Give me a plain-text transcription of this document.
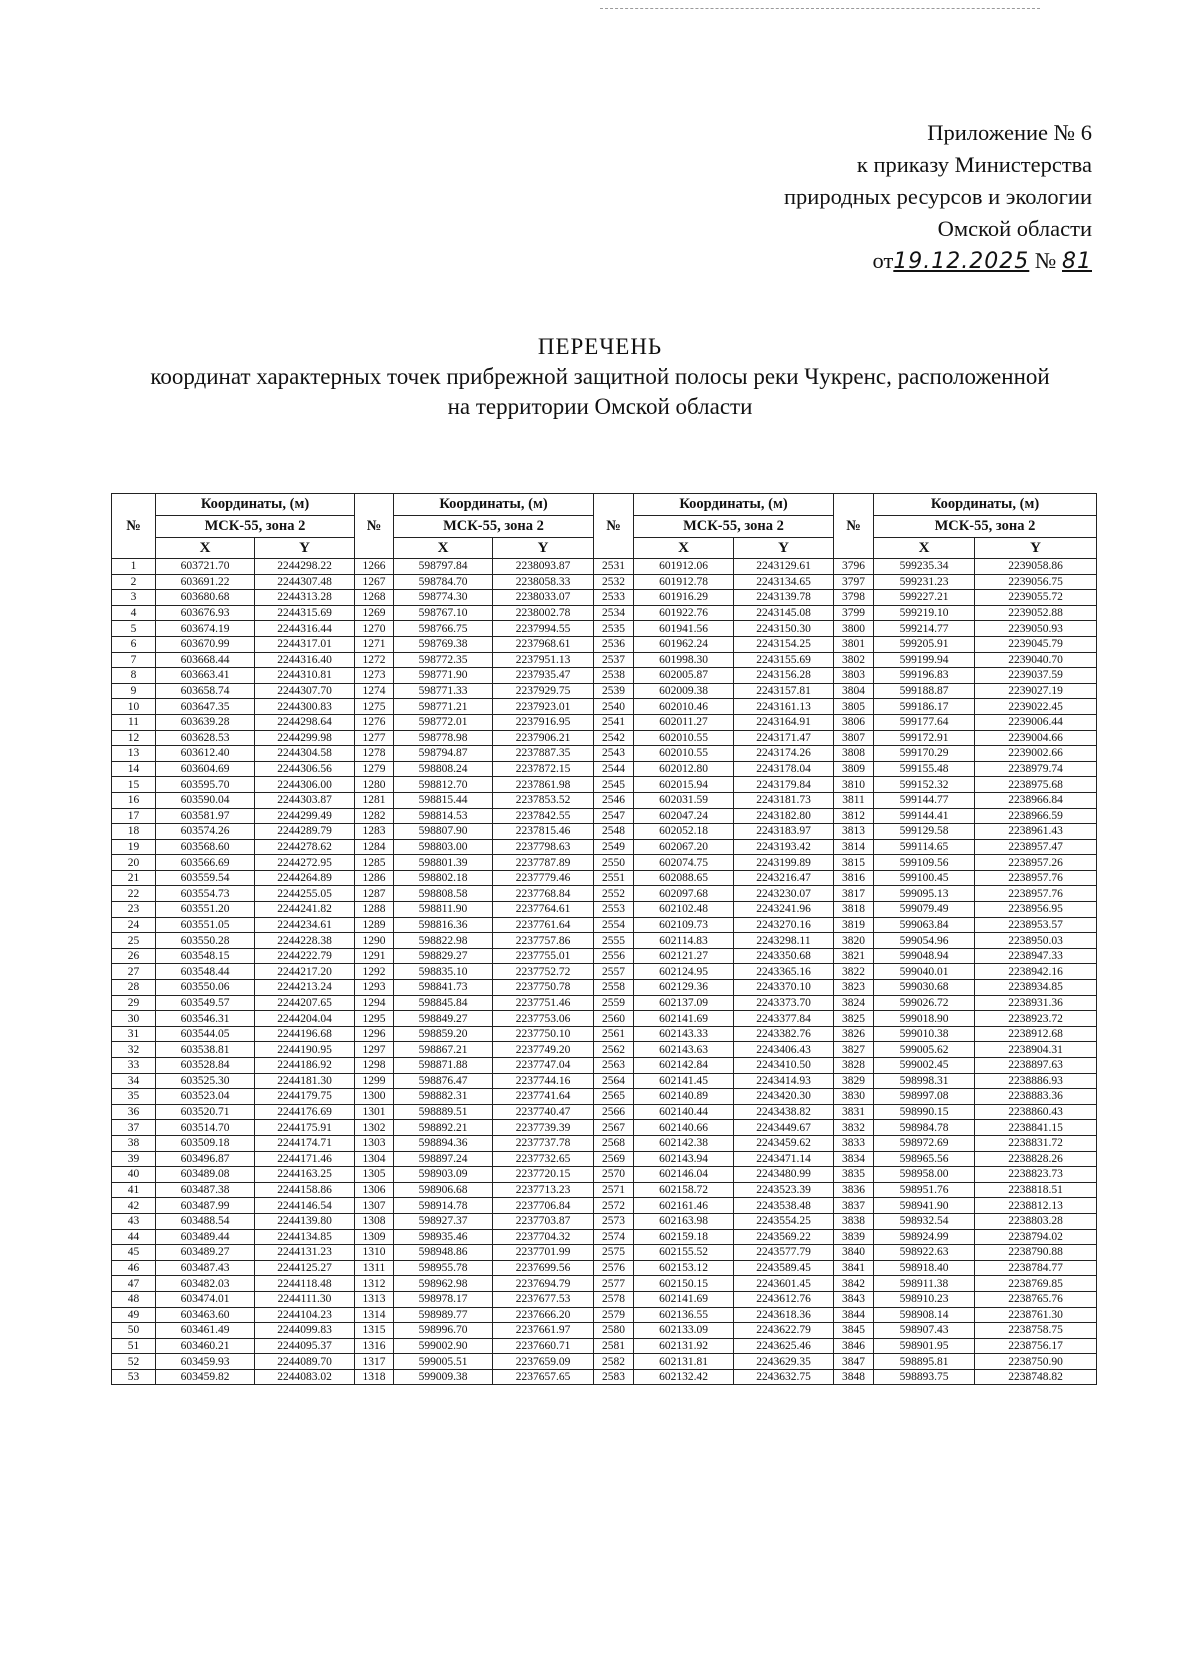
Приложение № 6
к приказу Министерства
природных ресурсов и экологии
Омской области
от19.12.2025 № 81
ПЕРЕЧЕНЬ
координат характерных точек прибрежной защитной полосы реки Чукренс, расположенной
на территории Омской области
№	Координаты, (м)		№	Координаты, (м)		№	Координаты, (м)		№	Координаты, (м)	
	МСК-55, зона 2			МСК-55, зона 2			МСК-55, зона 2			МСК-55, зона 2	
	X	Y		X	Y		X	Y		X	Y
1	603721.70	2244298.22	1266	598797.84	2238093.87	2531	601912.06	2243129.61	3796	599235.34	2239058.86
2	603691.22	2244307.48	1267	598784.70	2238058.33	2532	601912.78	2243134.65	3797	599231.23	2239056.75
3	603680.68	2244313.28	1268	598774.30	2238033.07	2533	601916.29	2243139.78	3798	599227.21	2239055.72
4	603676.93	2244315.69	1269	598767.10	2238002.78	2534	601922.76	2243145.08	3799	599219.10	2239052.88
5	603674.19	2244316.44	1270	598766.75	2237994.55	2535	601941.56	2243150.30	3800	599214.77	2239050.93
6	603670.99	2244317.01	1271	598769.38	2237968.61	2536	601962.24	2243154.25	3801	599205.91	2239045.79
7	603668.44	2244316.40	1272	598772.35	2237951.13	2537	601998.30	2243155.69	3802	599199.94	2239040.70
8	603663.41	2244310.81	1273	598771.90	2237935.47	2538	602005.87	2243156.28	3803	599196.83	2239037.59
9	603658.74	2244307.70	1274	598771.33	2237929.75	2539	602009.38	2243157.81	3804	599188.87	2239027.19
10	603647.35	2244300.83	1275	598771.21	2237923.01	2540	602010.46	2243161.13	3805	599186.17	2239022.45
11	603639.28	2244298.64	1276	598772.01	2237916.95	2541	602011.27	2243164.91	3806	599177.64	2239006.44
12	603628.53	2244299.98	1277	598778.98	2237906.21	2542	602010.55	2243171.47	3807	599172.91	2239004.66
13	603612.40	2244304.58	1278	598794.87	2237887.35	2543	602010.55	2243174.26	3808	599170.29	2239002.66
14	603604.69	2244306.56	1279	598808.24	2237872.15	2544	602012.80	2243178.04	3809	599155.48	2238979.74
15	603595.70	2244306.00	1280	598812.70	2237861.98	2545	602015.94	2243179.84	3810	599152.32	2238975.68
16	603590.04	2244303.87	1281	598815.44	2237853.52	2546	602031.59	2243181.73	3811	599144.77	2238966.84
17	603581.97	2244299.49	1282	598814.53	2237842.55	2547	602047.24	2243182.80	3812	599144.41	2238966.59
18	603574.26	2244289.79	1283	598807.90	2237815.46	2548	602052.18	2243183.97	3813	599129.58	2238961.43
19	603568.60	2244278.62	1284	598803.00	2237798.63	2549	602067.20	2243193.42	3814	599114.65	2238957.47
20	603566.69	2244272.95	1285	598801.39	2237787.89	2550	602074.75	2243199.89	3815	599109.56	2238957.26
21	603559.54	2244264.89	1286	598802.18	2237779.46	2551	602088.65	2243216.47	3816	599100.45	2238957.76
22	603554.73	2244255.05	1287	598808.58	2237768.84	2552	602097.68	2243230.07	3817	599095.13	2238957.76
23	603551.20	2244241.82	1288	598811.90	2237764.61	2553	602102.48	2243241.96	3818	599079.49	2238956.95
24	603551.05	2244234.61	1289	598816.36	2237761.64	2554	602109.73	2243270.16	3819	599063.84	2238953.57
25	603550.28	2244228.38	1290	598822.98	2237757.86	2555	602114.83	2243298.11	3820	599054.96	2238950.03
26	603548.15	2244222.79	1291	598829.27	2237755.01	2556	602121.27	2243350.68	3821	599048.94	2238947.33
27	603548.44	2244217.20	1292	598835.10	2237752.72	2557	602124.95	2243365.16	3822	599040.01	2238942.16
28	603550.06	2244213.24	1293	598841.73	2237750.78	2558	602129.36	2243370.10	3823	599030.68	2238934.85
29	603549.57	2244207.65	1294	598845.84	2237751.46	2559	602137.09	2243373.70	3824	599026.72	2238931.36
30	603546.31	2244204.04	1295	598849.27	2237753.06	2560	602141.69	2243377.84	3825	599018.90	2238923.72
31	603544.05	2244196.68	1296	598859.20	2237750.10	2561	602143.33	2243382.76	3826	599010.38	2238912.68
32	603538.81	2244190.95	1297	598867.21	2237749.20	2562	602143.63	2243406.43	3827	599005.62	2238904.31
33	603528.84	2244186.92	1298	598871.88	2237747.04	2563	602142.84	2243410.50	3828	599002.45	2238897.63
34	603525.30	2244181.30	1299	598876.47	2237744.16	2564	602141.45	2243414.93	3829	598998.31	2238886.93
35	603523.04	2244179.75	1300	598882.31	2237741.64	2565	602140.89	2243420.30	3830	598997.08	2238883.36
36	603520.71	2244176.69	1301	598889.51	2237740.47	2566	602140.44	2243438.82	3831	598990.15	2238860.43
37	603514.70	2244175.91	1302	598892.21	2237739.39	2567	602140.66	2243449.67	3832	598984.78	2238841.15
38	603509.18	2244174.71	1303	598894.36	2237737.78	2568	602142.38	2243459.62	3833	598972.69	2238831.72
39	603496.87	2244171.46	1304	598897.24	2237732.65	2569	602143.94	2243471.14	3834	598965.56	2238828.26
40	603489.08	2244163.25	1305	598903.09	2237720.15	2570	602146.04	2243480.99	3835	598958.00	2238823.73
41	603487.38	2244158.86	1306	598906.68	2237713.23	2571	602158.72	2243523.39	3836	598951.76	2238818.51
42	603487.99	2244146.54	1307	598914.78	2237706.84	2572	602161.46	2243538.48	3837	598941.90	2238812.13
43	603488.54	2244139.80	1308	598927.37	2237703.87	2573	602163.98	2243554.25	3838	598932.54	2238803.28
44	603489.44	2244134.85	1309	598935.46	2237704.32	2574	602159.18	2243569.22	3839	598924.99	2238794.02
45	603489.27	2244131.23	1310	598948.86	2237701.99	2575	602155.52	2243577.79	3840	598922.63	2238790.88
46	603487.43	2244125.27	1311	598955.78	2237699.56	2576	602153.12	2243589.45	3841	598918.40	2238784.77
47	603482.03	2244118.48	1312	598962.98	2237694.79	2577	602150.15	2243601.45	3842	598911.38	2238769.85
48	603474.01	2244111.30	1313	598978.17	2237677.53	2578	602141.69	2243612.76	3843	598910.23	2238765.76
49	603463.60	2244104.23	1314	598989.77	2237666.20	2579	602136.55	2243618.36	3844	598908.14	2238761.30
50	603461.49	2244099.83	1315	598996.70	2237661.97	2580	602133.09	2243622.79	3845	598907.43	2238758.75
51	603460.21	2244095.37	1316	599002.90	2237660.71	2581	602131.92	2243625.46	3846	598901.95	2238756.17
52	603459.93	2244089.70	1317	599005.51	2237659.09	2582	602131.81	2243629.35	3847	598895.81	2238750.90
53	603459.82	2244083.02	1318	599009.38	2237657.65	2583	602132.42	2243632.75	3848	598893.75	2238748.82
